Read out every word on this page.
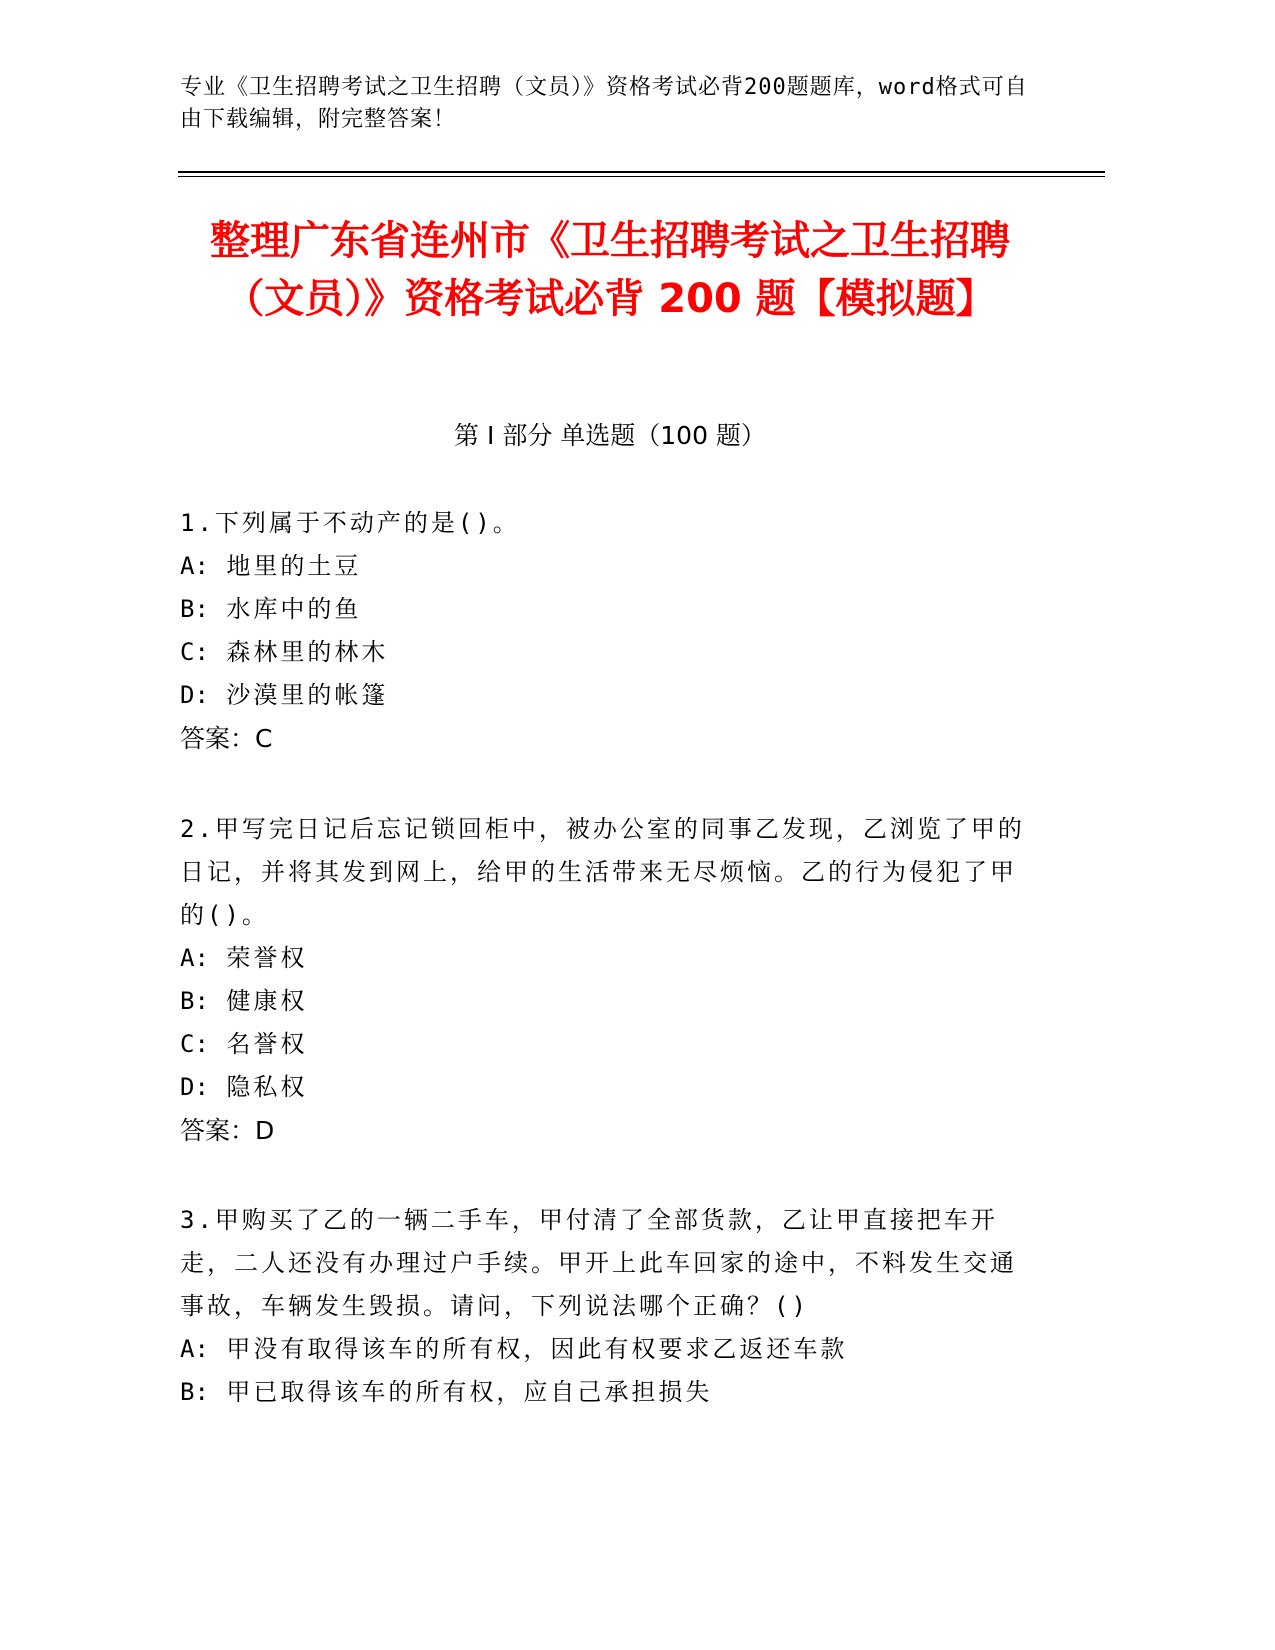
专业《卫生招聘考试之卫生招聘（文员）》资格考试必背200题题库，word格式可自由下载编辑，附完整答案！
整理广东省连州市《卫生招聘考试之卫生招聘（文员）》资格考试必背 200 题【模拟题】
第 I 部分 单选题（100 题）
1.下列属于不动产的是()。
A: 地里的土豆
B: 水库中的鱼
C: 森林里的林木
D: 沙漠里的帐篷
答案：C
2.甲写完日记后忘记锁回柜中，被办公室的同事乙发现，乙浏览了甲的日记，并将其发到网上，给甲的生活带来无尽烦恼。乙的行为侵犯了甲的()。
A: 荣誉权
B: 健康权
C: 名誉权
D: 隐私权
答案：D
3.甲购买了乙的一辆二手车，甲付清了全部货款，乙让甲直接把车开走，二人还没有办理过户手续。甲开上此车回家的途中，不料发生交通事故，车辆发生毁损。请问，下列说法哪个正确？()
A: 甲没有取得该车的所有权，因此有权要求乙返还车款
B: 甲已取得该车的所有权，应自己承担损失
